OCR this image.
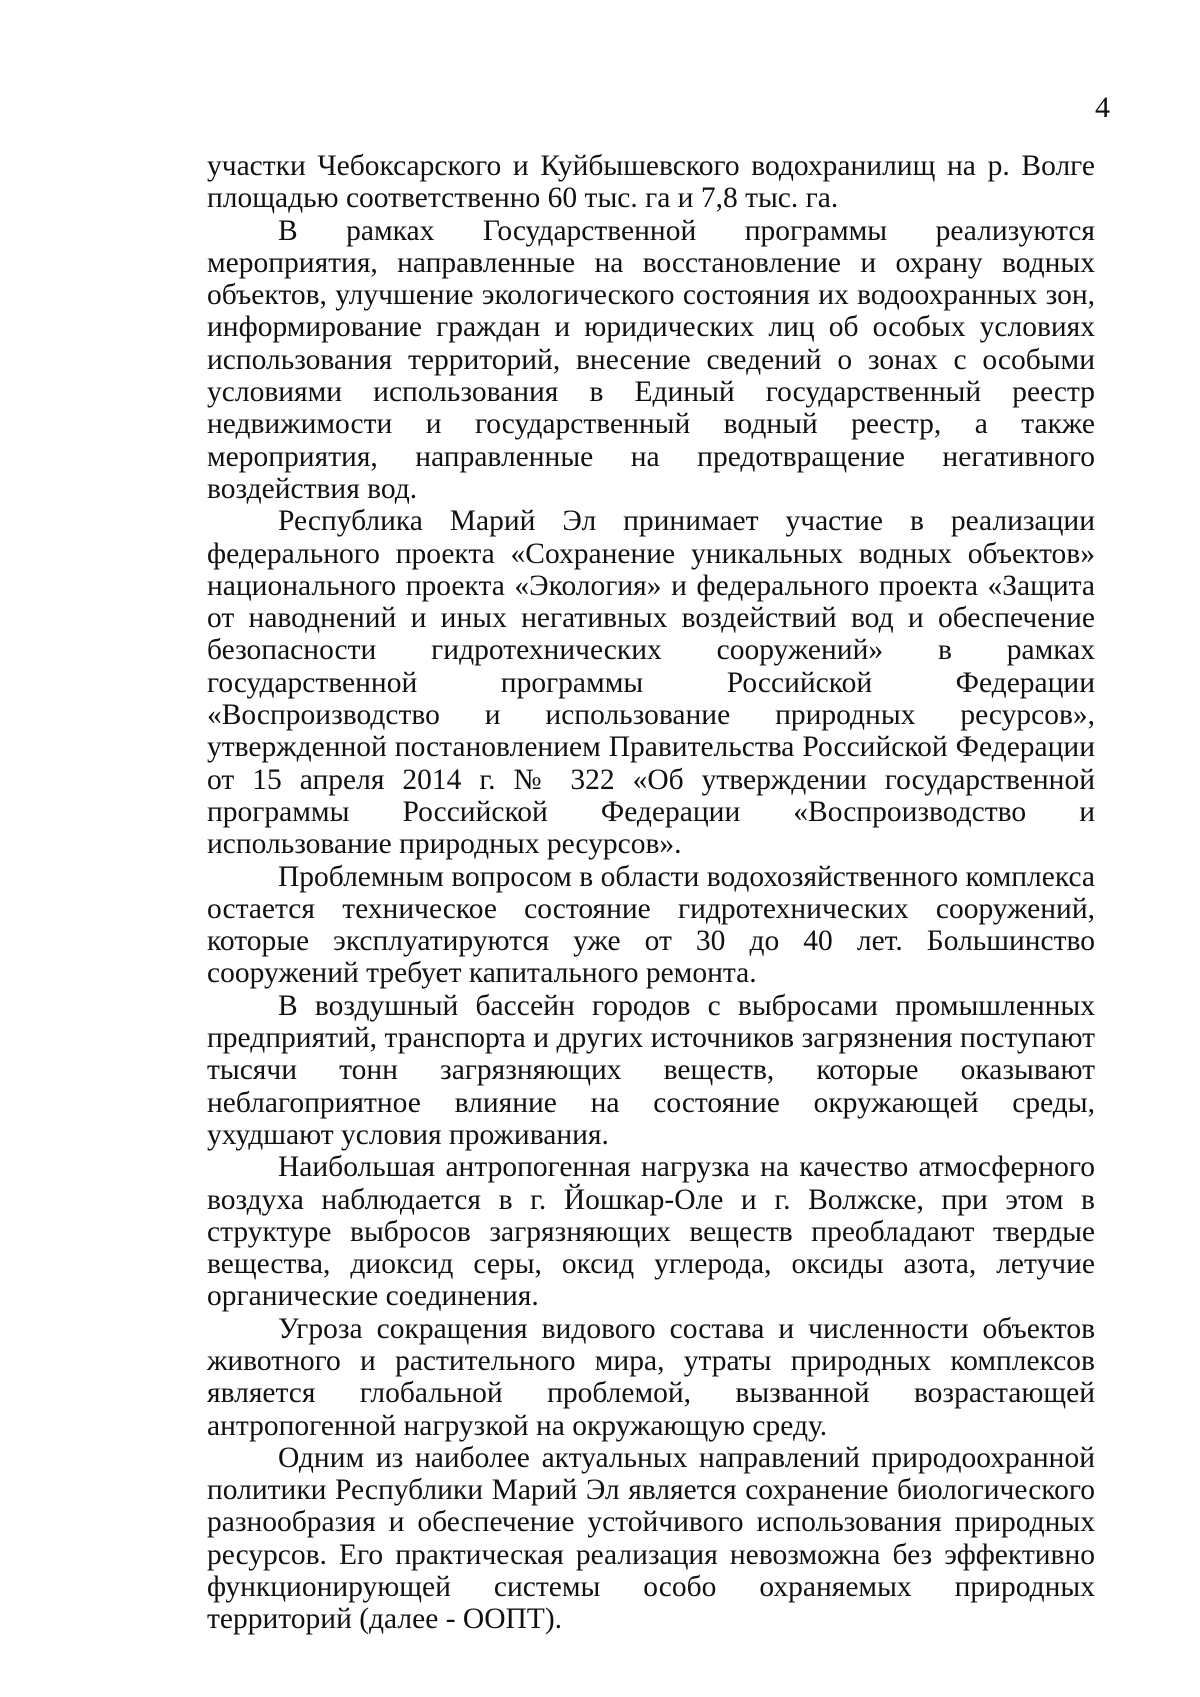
4

участки Чебоксарского и Куйбышевского водохранилищ на р. Волге площадью соответственно 60 тыс. га и 7,8 тыс. га.

В рамках Государственной программы реализуются мероприятия, направленные на восстановление и охрану водных объектов, улучшение экологического состояния их водоохранных зон, информирование граждан и юридических лиц об особых условиях использования территорий, внесение сведений о зонах с особыми условиями использования в Единый государственный реестр недвижимости и государственный водный реестр, а также мероприятия, направленные на предотвращение негативного воздействия вод.

Республика Марий Эл принимает участие в реализации федерального проекта «Сохранение уникальных водных объектов» национального проекта «Экология» и федерального проекта «Защита от наводнений и иных негативных воздействий вод и обеспечение безопасности гидротехнических сооружений» в рамках государственной программы Российской Федерации «Воспроизводство и использование природных ресурсов», утвержденной постановлением Правительства Российской Федерации от 15 апреля 2014 г. № 322 «Об утверждении государственной программы Российской Федерации «Воспроизводство и использование природных ресурсов».

Проблемным вопросом в области водохозяйственного комплекса остается техническое состояние гидротехнических сооружений, которые эксплуатируются уже от 30 до 40 лет. Большинство сооружений требует капитального ремонта.

В воздушный бассейн городов с выбросами промышленных предприятий, транспорта и других источников загрязнения поступают тысячи тонн загрязняющих веществ, которые оказывают неблагоприятное влияние на состояние окружающей среды, ухудшают условия проживания.

Наибольшая антропогенная нагрузка на качество атмосферного воздуха наблюдается в г. Йошкар-Оле и г. Волжске, при этом в структуре выбросов загрязняющих веществ преобладают твердые вещества, диоксид серы, оксид углерода, оксиды азота, летучие органические соединения.

Угроза сокращения видового состава и численности объектов животного и растительного мира, утраты природных комплексов является глобальной проблемой, вызванной возрастающей антропогенной нагрузкой на окружающую среду.

Одним из наиболее актуальных направлений природоохранной политики Республики Марий Эл является сохранение биологического разнообразия и обеспечение устойчивого использования природных ресурсов. Его практическая реализация невозможна без эффективно функционирующей системы особо охраняемых природных территорий (далее - ООПТ).
